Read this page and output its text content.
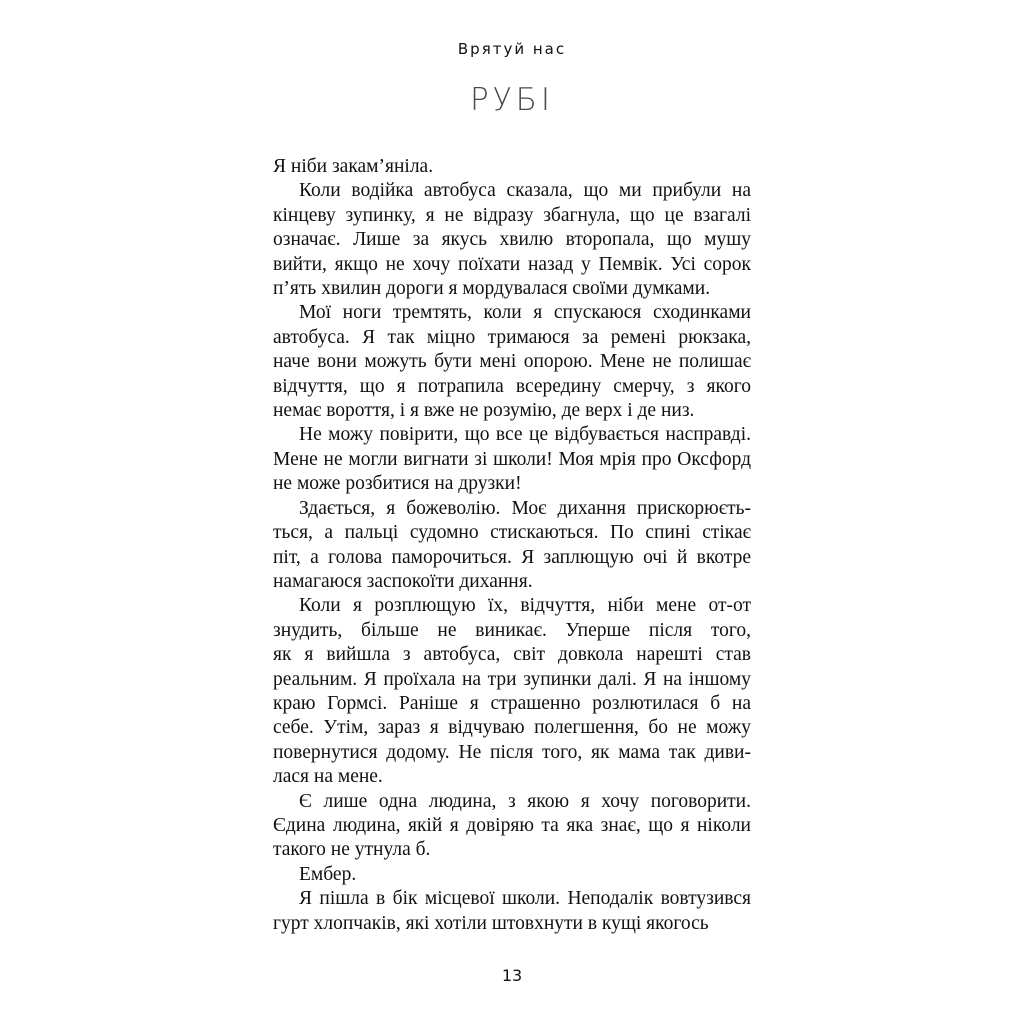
Врятуй нас
РУБІ
Я ніби закам’яніла.
Коли водійка автобуса сказала, що ми прибули на
кінцеву зупинку, я не відразу збагнула, що це взагалі
означає. Лише за якусь хвилю второпала, що мушу
вийти, якщо не хочу поїхати назад у Пемвік. Усі сорок
п’ять хвилин дороги я мордувалася своїми думками.
Мої ноги тремтять, коли я спускаюся сходинками
автобуса. Я так міцно тримаюся за ремені рюкзака,
наче вони можуть бути мені опорою. Мене не полишає
відчуття, що я потрапила всередину смерчу, з якого
немає вороття, і я вже не розумію, де верх і де низ.
Не можу повірити, що все це відбувається насправді.
Мене не могли вигнати зі школи! Моя мрія про Оксфорд
не може розбитися на друзки!
Здається, я божеволію. Моє дихання прискорюєть-
ться, а пальці судомно стискаються. По спині стікає
піт, а голова паморочиться. Я заплющую очі й вкотре
намагаюся заспокоїти дихання.
Коли я розплющую їх, відчуття, ніби мене от-от
знудить, більше не виникає. Уперше після того,
як я вийшла з автобуса, світ довкола нарешті став
реальним. Я проїхала на три зупинки далі. Я на іншому
краю Гормсі. Раніше я страшенно розлютилася б на
себе. Утім, зараз я відчуваю полегшення, бо не можу
повернутися додому. Не після того, як мама так диви-
лася на мене.
Є лише одна людина, з якою я хочу поговорити.
Єдина людина, якій я довіряю та яка знає, що я ніколи
такого не утнула б.
Ембер.
Я пішла в бік місцевої школи. Неподалік вовтузився
гурт хлопчаків, які хотіли штовхнути в кущі якогось
13
